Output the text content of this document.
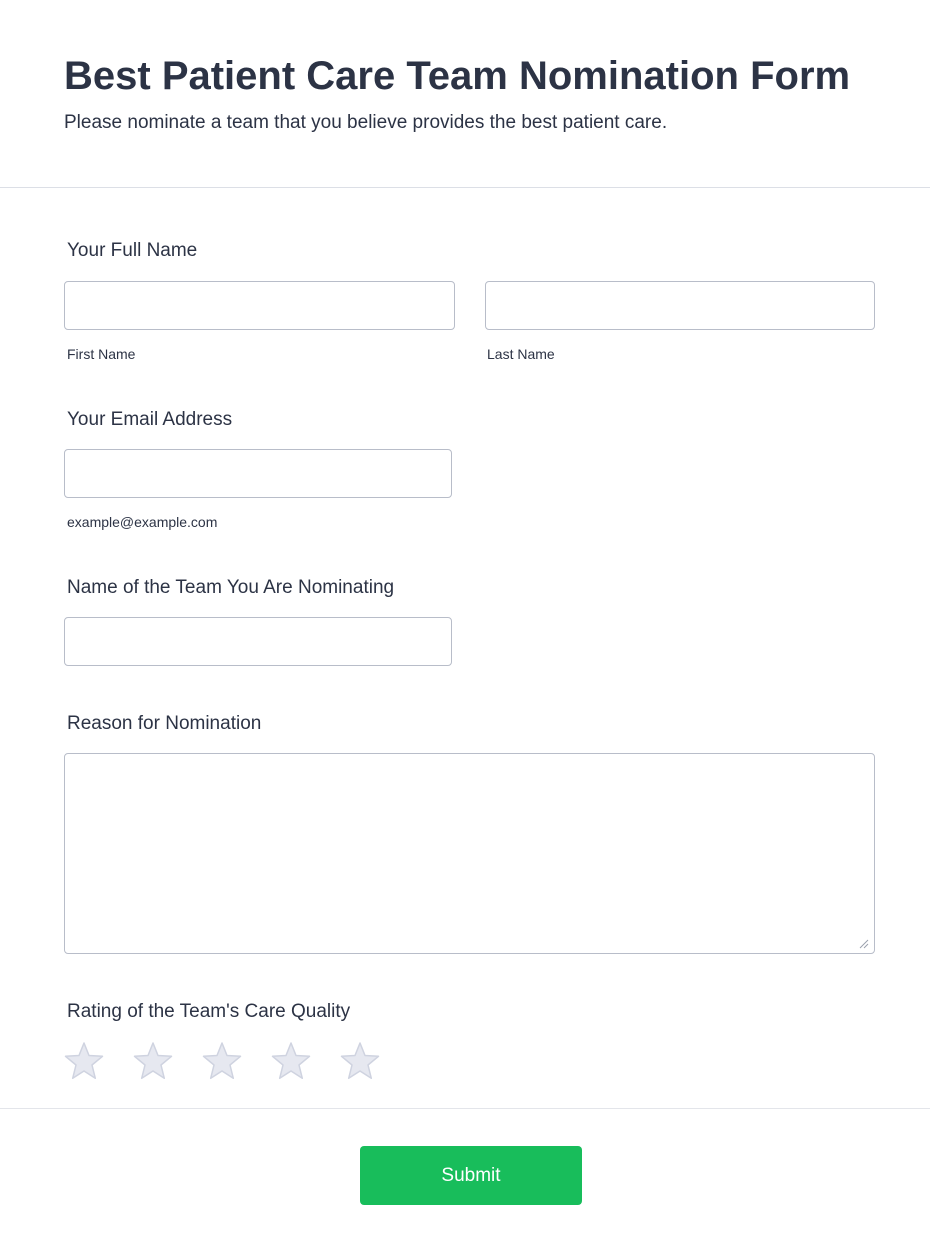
Best Patient Care Team Nomination Form

Please nominate a team that you believe provides the best patient care.

Your Full Name
First Name	Last Name
Your Email Address
example@example.com
Name of the Team You Are Nominating
Reason for Nomination
Rating of the Team's Care Quality
Submit
